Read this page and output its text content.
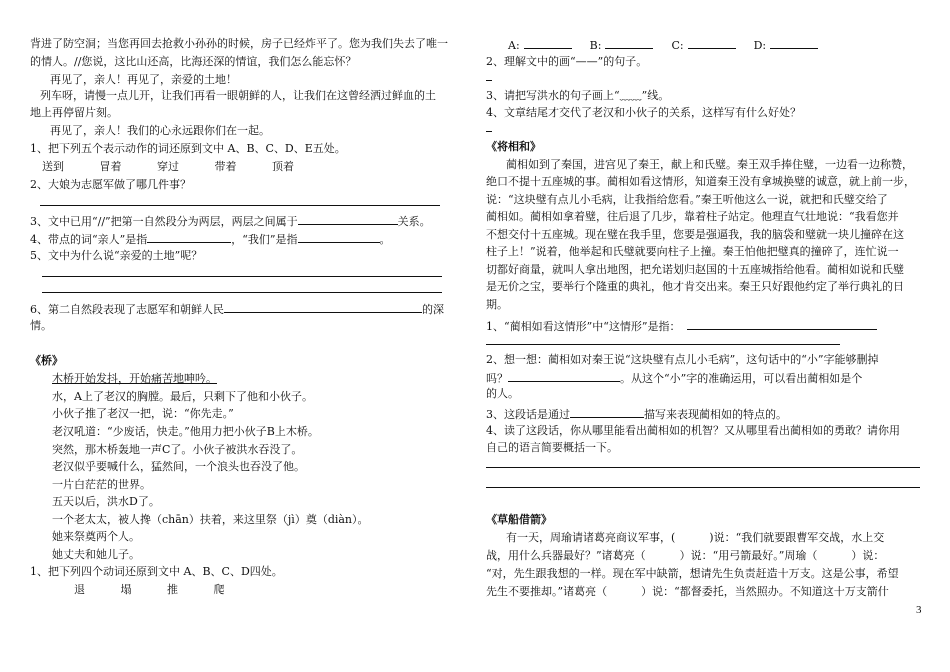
背进了防空洞；当您再回去抢救小孙孙的时候，房子已经炸平了。您为我们失去了唯一
的情人。//您说，这比山还高，比海还深的情谊，我们怎么能忘怀？
再见了，亲人！再见了，亲爱的土地！
列车呀，请慢一点儿开，让我们再看一眼朝鲜的人，让我们在这曾经洒过鲜血的土
地上再停留片刻。
再见了，亲人！我们的心永远跟你们在一起。
1、把下列五个表示动作的词还原到文中 A、B、C、D、E五处。
送到	冒着	穿过	带着	顶着
2、大娘为志愿军做了哪几件事？
3、文中已用“//”把第一自然段分为两层，两层之间属于	关系。
4、带点的词“亲人”是指	，“我们”是指	。
5、文中为什么说“亲爱的土地”呢？
6、第二自然段表现了志愿军和朝鲜人民	的深
情。
《桥》
木桥开始发抖，开始痛苦地呻吟。
水，A上了老汉的胸膛。最后，只剩下了他和小伙子。
小伙子推了老汉一把，说：“你先走。”
老汉吼道：“少废话，快走。”他用力把小伙子B上木桥。
突然，那木桥轰地一声C了。小伙子被洪水吞没了。
老汉似乎要喊什么，猛然间，一个浪头也吞没了他。
一片白茫茫的世界。
五天以后，洪水D了。
一个老太太，被人搀（chān）扶着，来这里祭（jì）奠（diàn）。
她来祭奠两个人。
她丈夫和她儿子。
1、把下列四个动词还原到文中 A、B、C、D四处。
退	塌	推	爬
A:	B:	C:	D:
2、理解文中的画“——”的句子。
3、请把写洪水的句子画上“﹏﹏”线。
4、文章结尾才交代了老汉和小伙子的关系，这样写有什么好处？
《将相和》
蔺相如到了秦国，进宫见了秦王，献上和氏璧。秦王双手捧住璧，一边看一边称赞，
绝口不提十五座城的事。蔺相如看这情形，知道秦王没有拿城换璧的诚意，就上前一步，
说：“这块璧有点儿小毛病，让我指给您看。”秦王听他这么一说，就把和氏璧交给了
蔺相如。蔺相如拿着璧，往后退了几步，靠着柱子站定。他理直气壮地说：“我看您并
不想交付十五座城。现在璧在我手里，您要是强逼我，我的脑袋和璧就一块儿撞碎在这
柱子上！”说着，他举起和氏璧就要向柱子上撞。秦王怕他把璧真的撞碎了，连忙说一
切都好商量，就叫人拿出地图，把允诺划归赵国的十五座城指给他看。蔺相如说和氏璧
是无价之宝，要举行个隆重的典礼，他才肯交出来。秦王只好跟他约定了举行典礼的日
期。
1、“蔺相如看这情形”中“这情形”是指：
2、想一想：蔺相如对秦王说“这块璧有点儿小毛病”，这句话中的“小”字能够删掉
吗？	。从这个“小”字的准确运用，可以看出蔺相如是个
的人。
3、这段话是通过	描写来表现蔺相如的特点的。
4、读了这段话，你从哪里能看出蔺相如的机智？又从哪里看出蔺相如的勇敢？请你用
自己的语言简要概括一下。
《草船借箭》
有一天，周瑜请诸葛亮商议军事，(	)说：“我们就要跟曹军交战，水上交
战，用什么兵器最好？”诸葛亮（	）说：“用弓箭最好。”周瑜（	）说：
“对，先生跟我想的一样。现在军中缺箭，想请先生负责赶造十万支。这是公事，希望
先生不要推却。”诸葛亮（	）说：“都督委托，当然照办。不知道这十万支箭什
3
